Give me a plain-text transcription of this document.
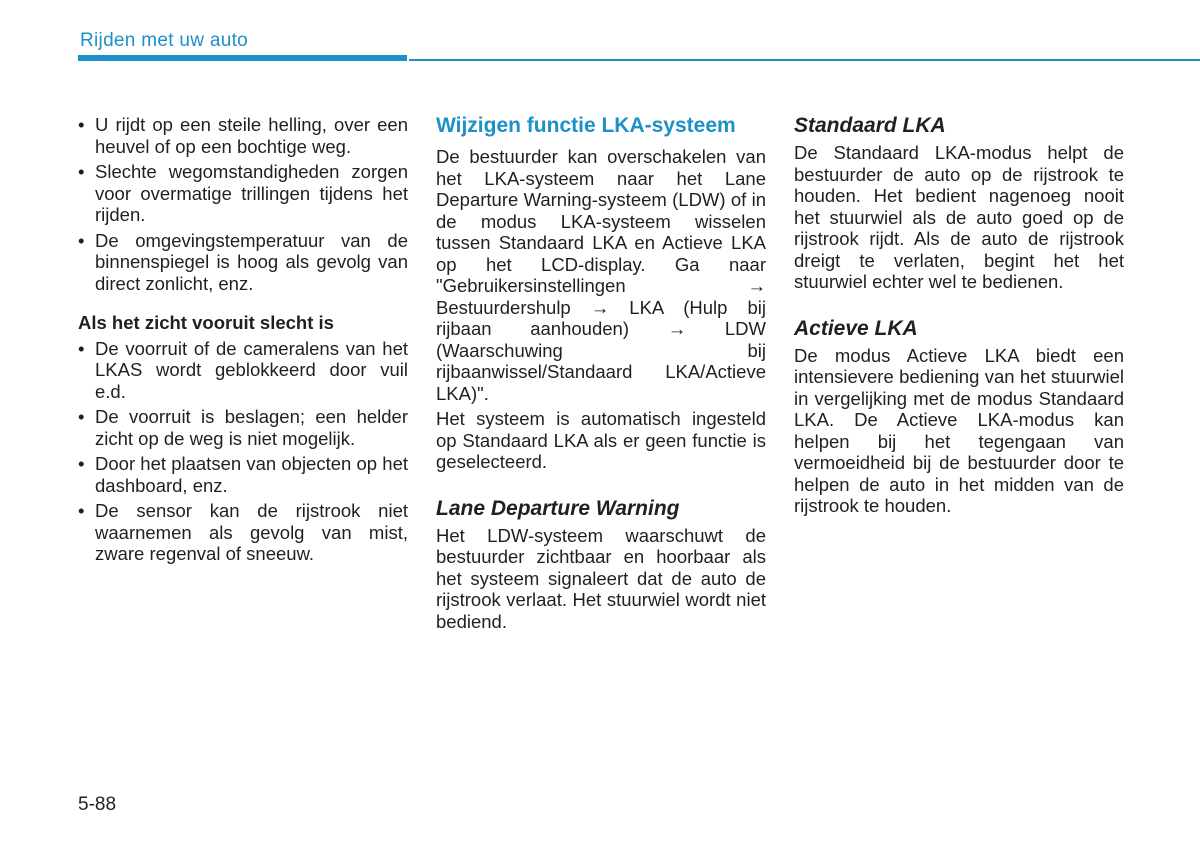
Rijden met uw auto
• U rijdt op een steile helling, over een heuvel of op een bochtige weg.
• Slechte wegomstandigheden zorgen voor overmatige trillingen tijdens het rijden.
• De omgevingstemperatuur van de binnenspiegel is hoog als gevolg van direct zonlicht, enz.
Als het zicht vooruit slecht is
• De voorruit of de cameralens van het LKAS wordt geblokkeerd door vuil e.d.
• De voorruit is beslagen; een helder zicht op de weg is niet mogelijk.
• Door het plaatsen van objecten op het dashboard, enz.
• De sensor kan de rijstrook niet waarnemen als gevolg van mist, zware regenval of sneeuw.
Wijzigen functie LKA-systeem

De bestuurder kan overschakelen van het LKA-systeem naar het Lane Departure Warning-systeem (LDW) of in de modus LKA-systeem wisselen tussen Standaard LKA en Actieve LKA op het LCD-display. Ga naar "Gebruikersinstellingen → Bestuurdershulp → LKA (Hulp bij rijbaan aanhouden) → LDW (Waarschuwing bij rijbaanwissel/Standaard LKA/Actieve LKA)".

Het systeem is automatisch ingesteld op Standaard LKA als er geen functie is geselecteerd.

Lane Departure Warning

Het LDW-systeem waarschuwt de bestuurder zichtbaar en hoorbaar als het systeem signaleert dat de auto de rijstrook verlaat. Het stuurwiel wordt niet bediend.

Standaard LKA

De Standaard LKA-modus helpt de bestuurder de auto op de rijstrook te houden. Het bedient nagenoeg nooit het stuurwiel als de auto goed op de rijstrook rijdt. Als de auto de rijstrook dreigt te verlaten, begint het het stuurwiel echter wel te bedienen.

Actieve LKA

De modus Actieve LKA biedt een intensievere bediening van het stuurwiel in vergelijking met de modus Standaard LKA. De Actieve LKA-modus kan helpen bij het tegengaan van vermoeidheid bij de bestuurder door te helpen de auto in het midden van de rijstrook te houden.

5-88
